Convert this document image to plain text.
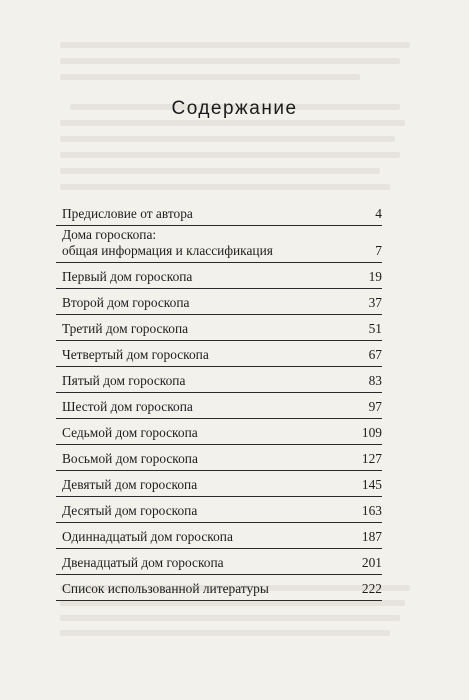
Содержание
Предисловие от автора	4
Дома гороскопа:
общая информация и классификация	7
Первый дом гороскопа	19
Второй дом гороскопа	37
Третий дом гороскопа	51
Четвертый дом гороскопа	67
Пятый дом гороскопа	83
Шестой дом гороскопа	97
Седьмой дом гороскопа	109
Восьмой дом гороскопа	127
Девятый дом гороскопа	145
Десятый дом гороскопа	163
Одиннадцатый дом гороскопа	187
Двенадцатый дом гороскопа	201
Список использованной литературы	222
